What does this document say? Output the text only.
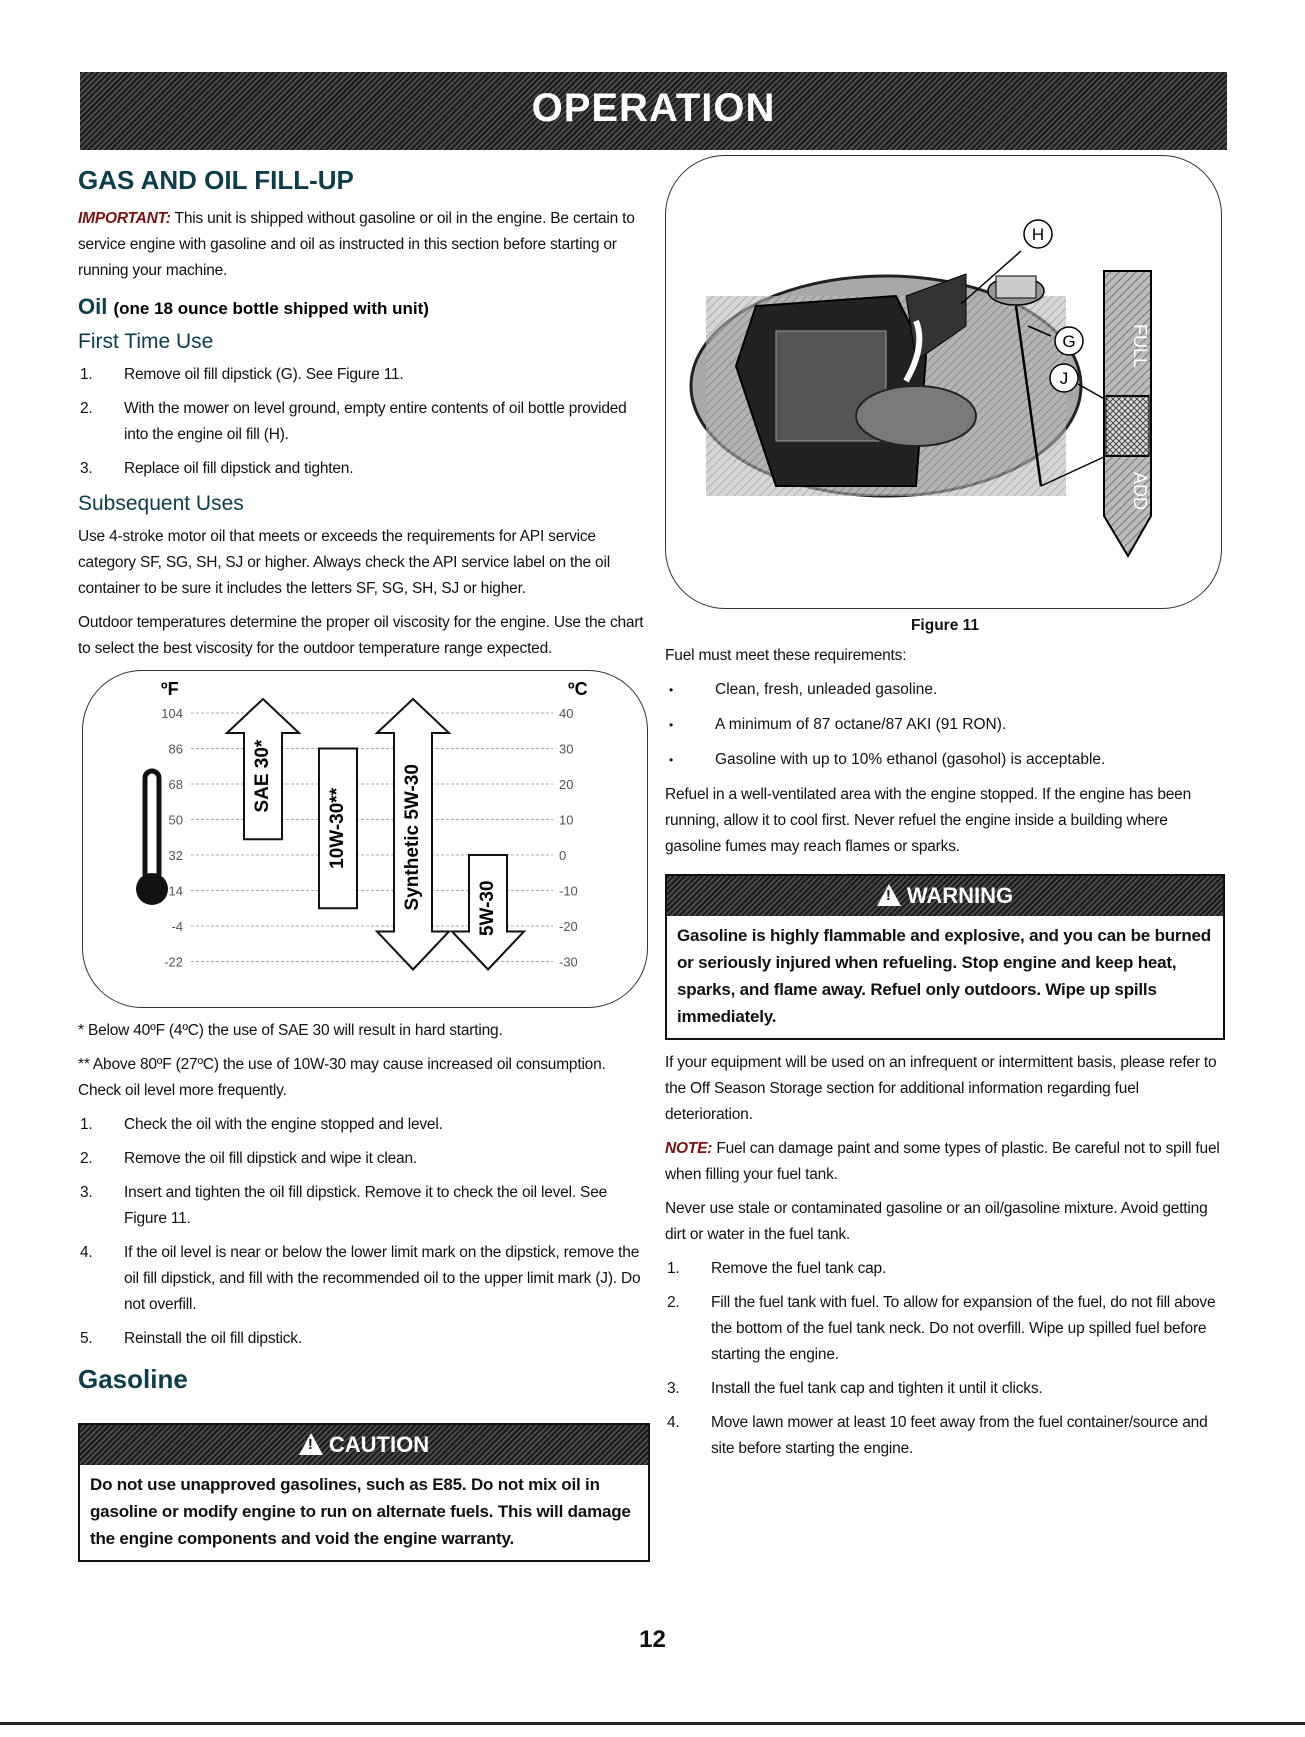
OPERATION
GAS AND OIL FILL-UP

IMPORTANT: This unit is shipped without gasoline or oil in the engine. Be certain to service engine with gasoline and oil as instructed in this section before starting or running your machine.

Oil (one 18 ounce bottle shipped with unit)
First Time Use
1. Remove oil fill dipstick (G). See Figure 11.
2. With the mower on level ground, empty entire contents of oil bottle provided into the engine oil fill (H).
3. Replace oil fill dipstick and tighten.
Subsequent Uses

Use 4-stroke motor oil that meets or exceeds the requirements for API service category SF, SG, SH, SJ or higher. Always check the API service label on the oil container to be sure it includes the letters SF, SG, SH, SJ or higher.

Outdoor temperatures determine the proper oil viscosity for the engine. Use the chart to select the best viscosity for the outdoor temperature range expected.

ºF	ºC
104
86
68
50
32
14
-4
-22
40
30
20
10
0
-10
-20
-30
SAE 30*
10W-30**	Synthetic 5W-30	5W-30

* Below 40ºF (4ºC) the use of SAE 30 will result in hard starting.

** Above 80ºF (27ºC) the use of 10W-30 may cause increased oil consumption. Check oil level more frequently.

1. Check the oil with the engine stopped and level.
2. Remove the oil fill dipstick and wipe it clean.
3. Insert and tighten the oil fill dipstick. Remove it to check the oil level. See Figure 11.
4. If the oil level is near or below the lower limit mark on the dipstick, remove the oil fill dipstick, and fill with the recommended oil to the upper limit mark (J). Do not overfill.
5. Reinstall the oil fill dipstick.
Gasoline
! CAUTION
Do not use unapproved gasolines, such as E85. Do not mix oil in gasoline or modify engine to run on alternate fuels. This will damage the engine components and void the engine warranty.
H
G
J
FULL
ADD
Figure 11

Fuel must meet these requirements:

• Clean, fresh, unleaded gasoline.
• A minimum of 87 octane/87 AKI (91 RON).
• Gasoline with up to 10% ethanol (gasohol) is acceptable.

Refuel in a well-ventilated area with the engine stopped. If the engine has been running, allow it to cool first. Never refuel the engine inside a building where gasoline fumes may reach flames or sparks.

! WARNING
Gasoline is highly flammable and explosive, and you can be burned or seriously injured when refueling. Stop engine and keep heat, sparks, and flame away. Refuel only outdoors. Wipe up spills immediately.

If your equipment will be used on an infrequent or intermittent basis, please refer to the Off Season Storage section for additional information regarding fuel deterioration.

NOTE: Fuel can damage paint and some types of plastic. Be careful not to spill fuel when filling your fuel tank.

Never use stale or contaminated gasoline or an oil/gasoline mixture. Avoid getting dirt or water in the fuel tank.

1. Remove the fuel tank cap.
2. Fill the fuel tank with fuel. To allow for expansion of the fuel, do not fill above the bottom of the fuel tank neck. Do not overfill. Wipe up spilled fuel before starting the engine.
3. Install the fuel tank cap and tighten it until it clicks.
4. Move lawn mower at least 10 feet away from the fuel container/source and site before starting the engine.
12
